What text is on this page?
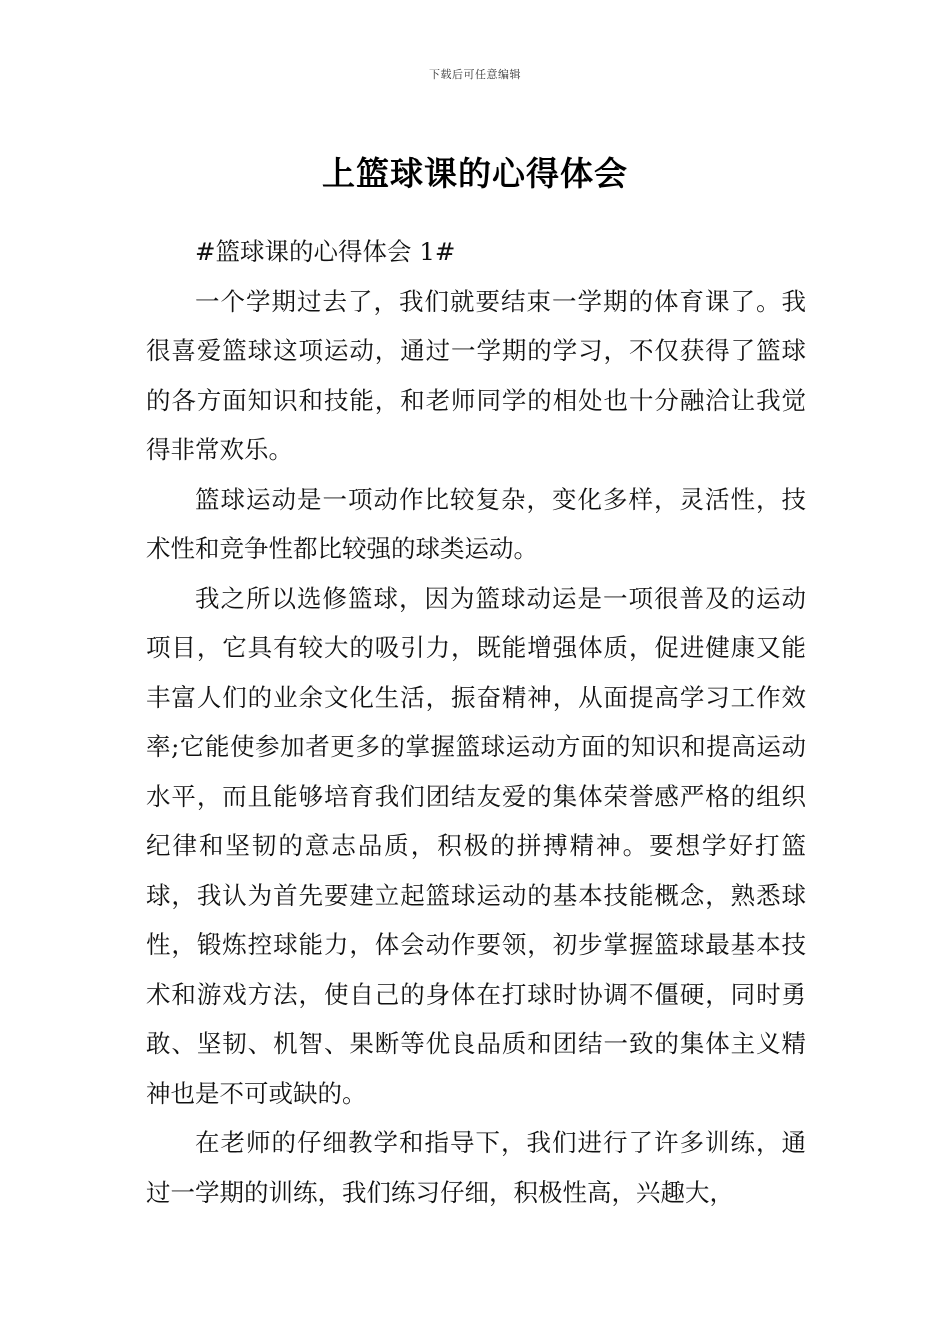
下载后可任意编辑
上篮球课的心得体会

#篮球课的心得体会 1#

一个学期过去了，我们就要结束一学期的体育课了。我很喜爱篮球这项运动，通过一学期的学习，不仅获得了篮球的各方面知识和技能，和老师同学的相处也十分融洽让我觉得非常欢乐。

篮球运动是一项动作比较复杂，变化多样，灵活性，技术性和竞争性都比较强的球类运动。

我之所以选修篮球，因为篮球动运是一项很普及的运动项目，它具有较大的吸引力，既能增强体质，促进健康又能丰富人们的业余文化生活，振奋精神，从面提高学习工作效率;它能使参加者更多的掌握篮球运动方面的知识和提高运动水平，而且能够培育我们团结友爱的集体荣誉感严格的组织纪律和坚韧的意志品质，积极的拼搏精神。要想学好打篮球，我认为首先要建立起篮球运动的基本技能概念，熟悉球性，锻炼控球能力，体会动作要领，初步掌握篮球最基本技术和游戏方法，使自己的身体在打球时协调不僵硬，同时勇敢、坚韧、机智、果断等优良品质和团结一致的集体主义精神也是不可或缺的。

在老师的仔细教学和指导下，我们进行了许多训练，通过一学期的训练，我们练习仔细，积极性高，兴趣大，
